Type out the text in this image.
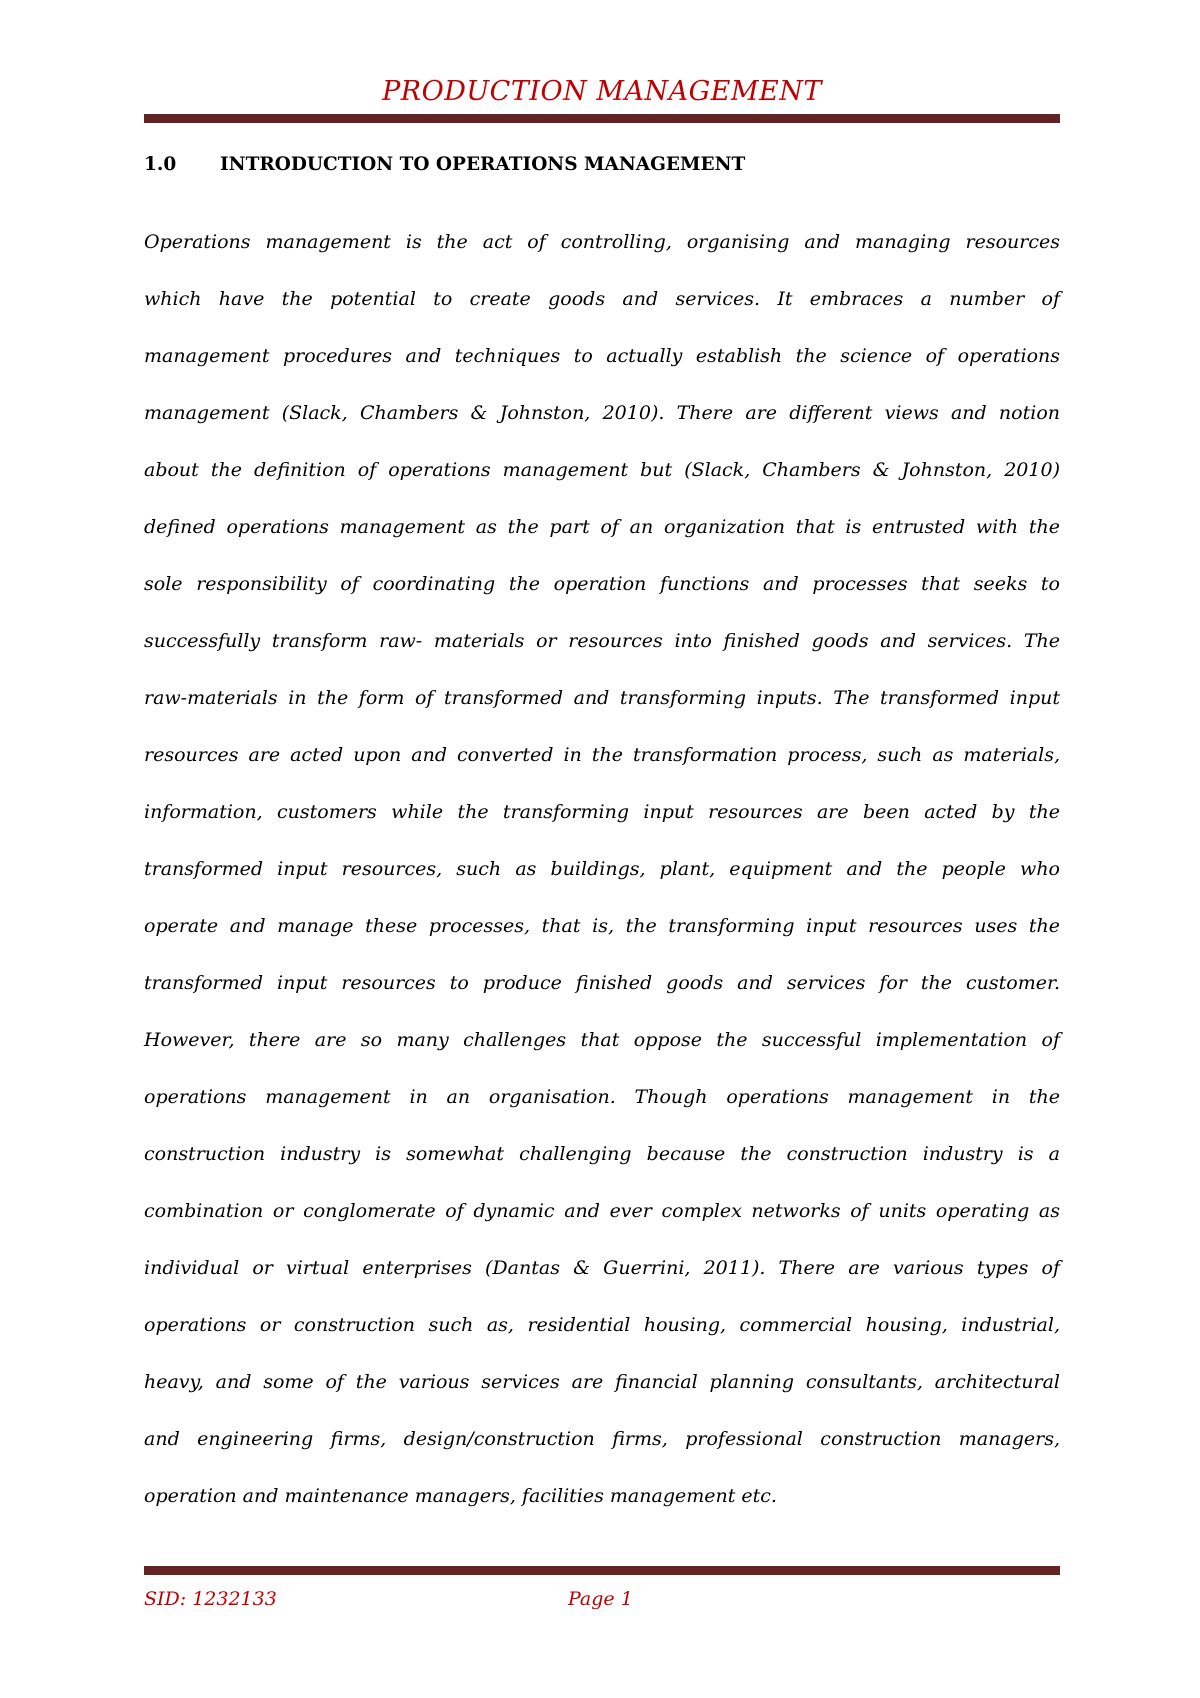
PRODUCTION MANAGEMENT
1.0 INTRODUCTION TO OPERATIONS MANAGEMENT
Operations management is the act of controlling, organising and managing resources
which have the potential to create goods and services. It embraces a number of
management procedures and techniques to actually establish the science of operations
management (Slack, Chambers & Johnston, 2010). There are different views and notion
about the definition of operations management but (Slack, Chambers & Johnston, 2010)
defined operations management as the part of an organization that is entrusted with the
sole responsibility of coordinating the operation functions and processes that seeks to
successfully transform raw- materials or resources into finished goods and services. The
raw-materials in the form of transformed and transforming inputs. The transformed input
resources are acted upon and converted in the transformation process, such as materials,
information, customers while the transforming input resources are been acted by the
transformed input resources, such as buildings, plant, equipment and the people who
operate and manage these processes, that is, the transforming input resources uses the
transformed input resources to produce finished goods and services for the customer.
However, there are so many challenges that oppose the successful implementation of
operations management in an organisation. Though operations management in the
construction industry is somewhat challenging because the construction industry is a
combination or conglomerate of dynamic and ever complex networks of units operating as
individual or virtual enterprises (Dantas & Guerrini, 2011). There are various types of
operations or construction such as, residential housing, commercial housing, industrial,
heavy, and some of the various services are financial planning consultants, architectural
and engineering firms, design/construction firms, professional construction managers,
operation and maintenance managers, facilities management etc.
SID: 1232133	Page 1
